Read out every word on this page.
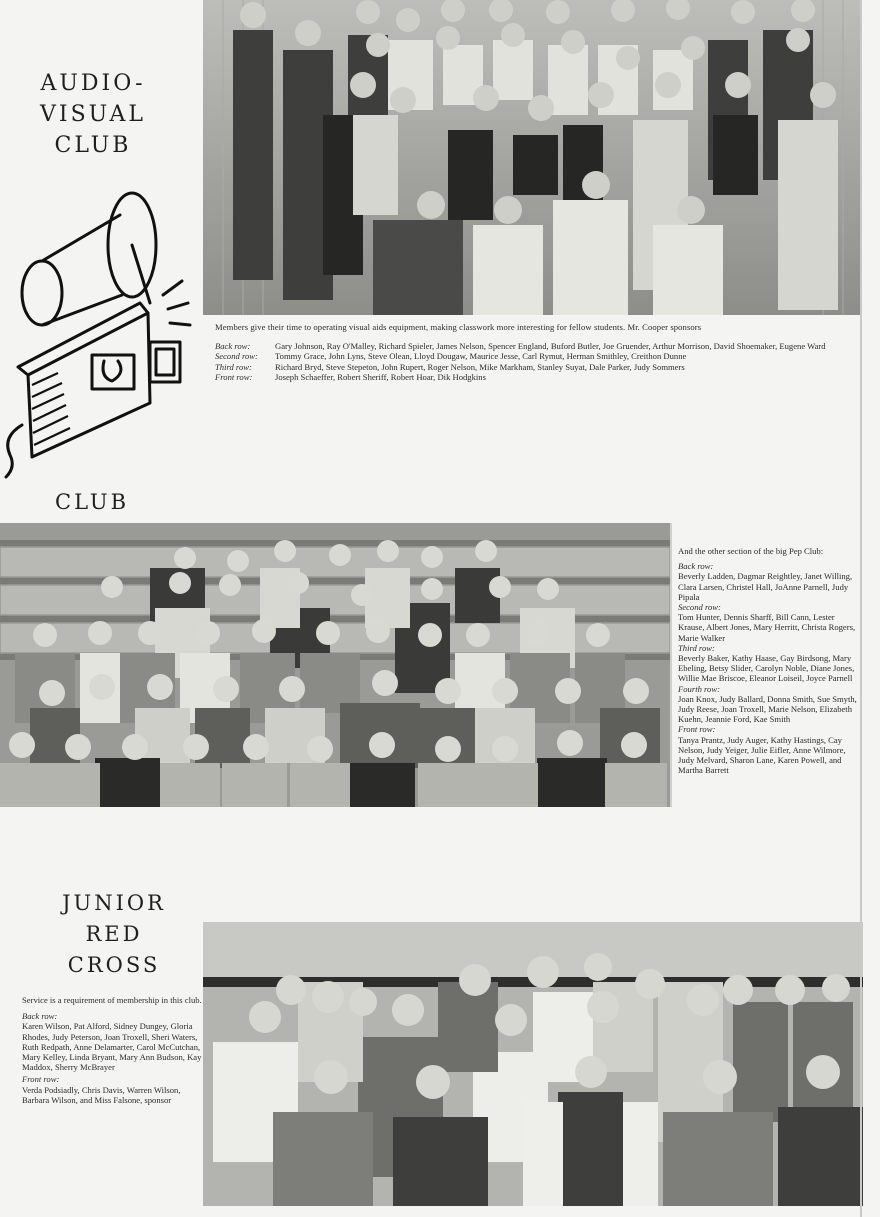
AUDIO-
VISUAL
CLUB
Members give their time to operating visual aids equipment, making classwork more interesting for fellow students. Mr. Cooper sponsors
Back row:	Gary Johnson, Ray O'Malley, Richard Spieler, James Nelson, Spencer England, Buford Butler, Joe Gruender, Arthur Morrison, David Shoemaker, Eugene Ward
Second row:	Tommy Grace, John Lyns, Steve Olean, Lloyd Dougaw, Maurice Jesse, Carl Rymut, Herman Smithley, Creithon Dunne
Third row:	Richard Bryd, Steve Stepeton, John Rupert, Roger Nelson, Mike Markham, Stanley Suyat, Dale Parker, Judy Sommers
Front row:	Joseph Schaeffer, Robert Sheriff, Robert Hoar, Dik Hodgkins
CLUB
And the other section of the big Pep Club:
Back row:
Beverly Ladden, Dagmar Reightley, Janet Willing, Clara Larsen, Christel Hall, JoAnne Parnell, Judy Pipala
Second row:
Tom Hunter, Dennis Sharff, Bill Cann, Lester Krause, Albert Jones, Mary Herritt, Christa Rogers, Marie Walker
Third row:
Beverly Baker, Kathy Haase, Gay Birdsong, Mary Ebeling, Betsy Slider, Carolyn Noble, Diane Jones, Willie Mae Briscoe, Eleanor Loiseil, Joyce Parnell
Fourth row:
Joan Knox, Judy Ballard, Donna Smith, Sue Smyth, Judy Reese, Joan Troxell, Marie Nelson, Elizabeth Kuehn, Jeannie Ford, Kae Smith
Front row:
Tanya Prantz, Judy Auger, Kathy Hastings, Cay Nelson, Judy Yeiger, Julie Eifler, Anne Wilmore, Judy Melvard, Sharon Lane, Karen Powell, and Martha Barrett
JUNIOR RED
CROSS
Service is a requirement of membership in this club.
Back row:
Karen Wilson, Pat Alford, Sidney Dungey, Gloria Rhodes, Judy Peterson, Joan Troxell, Sheri Waters, Ruth Redpath, Anne Delamarter, Carol McCutchan, Mary Kelley, Linda Bryant, Mary Ann Budson, Kay Maddox, Sherry McBrayer
Front row:
Verda Podsiadly, Chris Davis, Warren Wilson, Barbara Wilson, and Miss Falsone, sponsor
